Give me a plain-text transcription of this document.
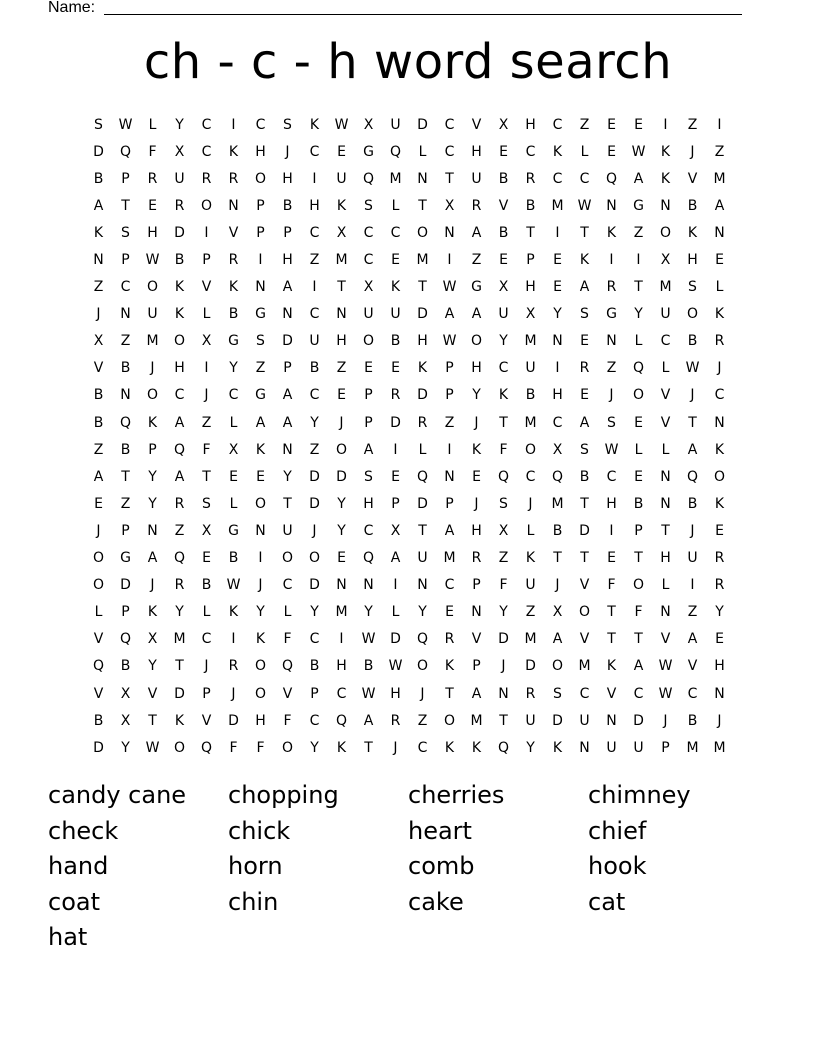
Name:
ch - c - h word search
S	W	L	Y	C	I	C	S	K	W	X	U	D	C	V	X	H	C	Z	E	E	I	Z	I
D	Q	F	X	C	K	H	J	C	E	G	Q	L	C	H	E	C	K	L	E	W	K	J	Z
B	P	R	U	R	R	O	H	I	U	Q	M	N	T	U	B	R	C	C	Q	A	K	V	M
A	T	E	R	O	N	P	B	H	K	S	L	T	X	R	V	B	M	W	N	G	N	B	A
K	S	H	D	I	V	P	P	C	X	C	C	O	N	A	B	T	I	T	K	Z	O	K	N
N	P	W	B	P	R	I	H	Z	M	C	E	M	I	Z	E	P	E	K	I	I	X	H	E
Z	C	O	K	V	K	N	A	I	T	X	K	T	W	G	X	H	E	A	R	T	M	S	L
J	N	U	K	L	B	G	N	C	N	U	U	D	A	A	U	X	Y	S	G	Y	U	O	K
X	Z	M	O	X	G	S	D	U	H	O	B	H	W	O	Y	M	N	E	N	L	C	B	R
V	B	J	H	I	Y	Z	P	B	Z	E	E	K	P	H	C	U	I	R	Z	Q	L	W	J
B	N	O	C	J	C	G	A	C	E	P	R	D	P	Y	K	B	H	E	J	O	V	J	C
B	Q	K	A	Z	L	A	A	Y	J	P	D	R	Z	J	T	M	C	A	S	E	V	T	N
Z	B	P	Q	F	X	K	N	Z	O	A	I	L	I	K	F	O	X	S	W	L	L	A	K
A	T	Y	A	T	E	E	Y	D	D	S	E	Q	N	E	Q	C	Q	B	C	E	N	Q	O
E	Z	Y	R	S	L	O	T	D	Y	H	P	D	P	J	S	J	M	T	H	B	N	B	K
J	P	N	Z	X	G	N	U	J	Y	C	X	T	A	H	X	L	B	D	I	P	T	J	E
O	G	A	Q	E	B	I	O	O	E	Q	A	U	M	R	Z	K	T	T	E	T	H	U	R
O	D	J	R	B	W	J	C	D	N	N	I	N	C	P	F	U	J	V	F	O	L	I	R
L	P	K	Y	L	K	Y	L	Y	M	Y	L	Y	E	N	Y	Z	X	O	T	F	N	Z	Y
V	Q	X	M	C	I	K	F	C	I	W	D	Q	R	V	D	M	A	V	T	T	V	A	E
Q	B	Y	T	J	R	O	Q	B	H	B	W	O	K	P	J	D	O	M	K	A	W	V	H
V	X	V	D	P	J	O	V	P	C	W	H	J	T	A	N	R	S	C	V	C	W	C	N
B	X	T	K	V	D	H	F	C	Q	A	R	Z	O	M	T	U	D	U	N	D	J	B	J
D	Y	W	O	Q	F	F	O	Y	K	T	J	C	K	K	Q	Y	K	N	U	U	P	M	M
candy cane	chopping	cherries	chimney
check	chick	heart	chief
hand	horn	comb	hook
coat	chin	cake	cat
hat
